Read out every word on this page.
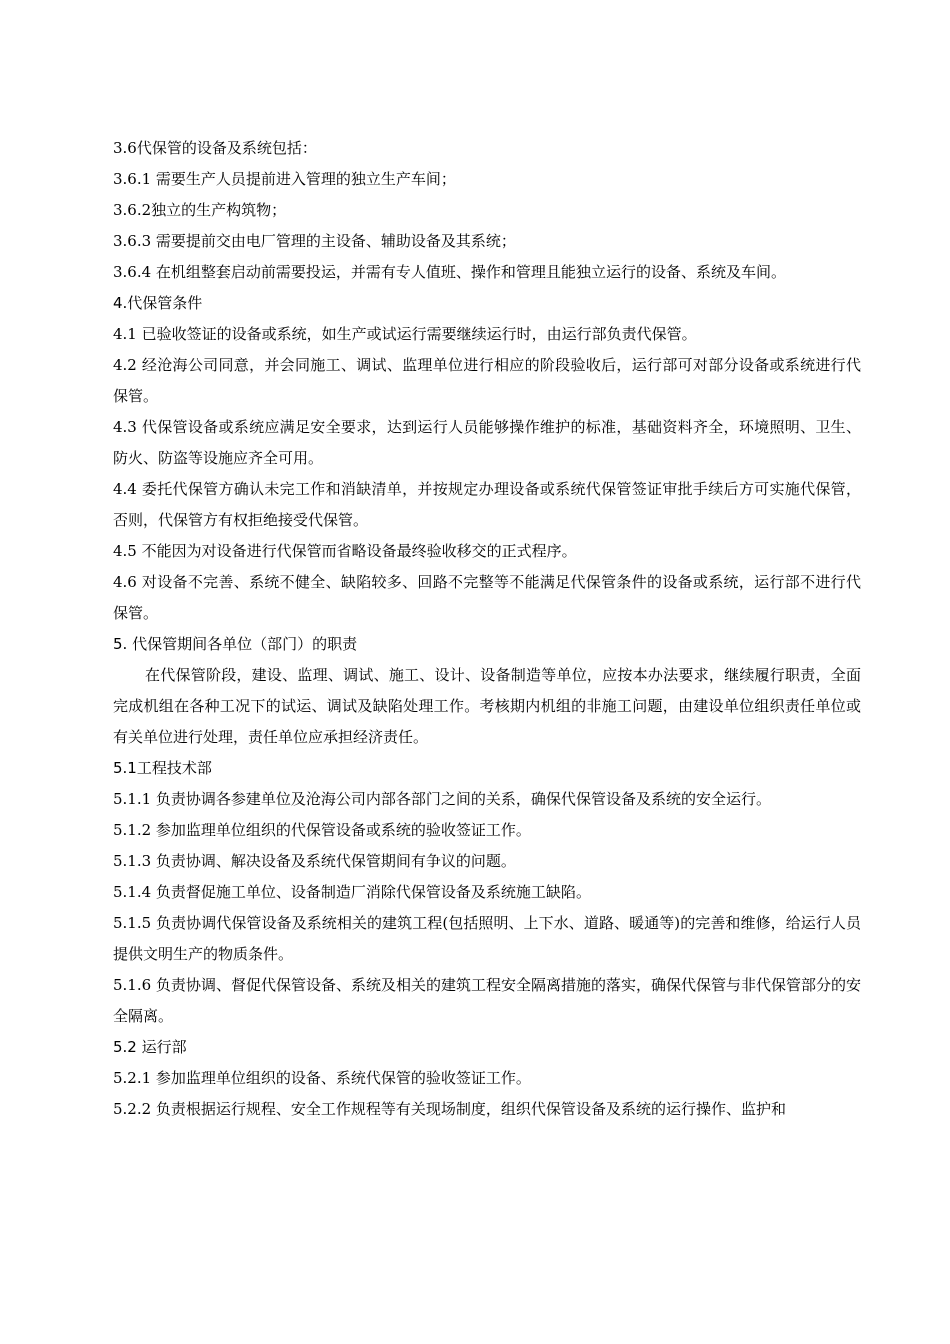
3.6代保管的设备及系统包括：

3.6.1 需要生产人员提前进入管理的独立生产车间；

3.6.2独立的生产构筑物；

3.6.3 需要提前交由电厂管理的主设备、辅助设备及其系统；

3.6.4 在机组整套启动前需要投运，并需有专人值班、操作和管理且能独立运行的设备、系统及车间。

4.代保管条件

4.1 已验收签证的设备或系统，如生产或试运行需要继续运行时，由运行部负责代保管。

4.2 经沧海公司同意，并会同施工、调试、监理单位进行相应的阶段验收后，运行部可对部分设备或系统进行代保管。

4.3 代保管设备或系统应满足安全要求，达到运行人员能够操作维护的标准，基础资料齐全，环境照明、卫生、防火、防盗等设施应齐全可用。

4.4 委托代保管方确认未完工作和消缺清单，并按规定办理设备或系统代保管签证审批手续后方可实施代保管，否则，代保管方有权拒绝接受代保管。

4.5 不能因为对设备进行代保管而省略设备最终验收移交的正式程序。

4.6 对设备不完善、系统不健全、缺陷较多、回路不完整等不能满足代保管条件的设备或系统，运行部不进行代保管。

5. 代保管期间各单位（部门）的职责

在代保管阶段，建设、监理、调试、施工、设计、设备制造等单位，应按本办法要求，继续履行职责，全面完成机组在各种工况下的试运、调试及缺陷处理工作。考核期内机组的非施工问题，由建设单位组织责任单位或有关单位进行处理，责任单位应承担经济责任。

5.1工程技术部

5.1.1 负责协调各参建单位及沧海公司内部各部门之间的关系，确保代保管设备及系统的安全运行。

5.1.2 参加监理单位组织的代保管设备或系统的验收签证工作。

5.1.3 负责协调、解决设备及系统代保管期间有争议的问题。

5.1.4 负责督促施工单位、设备制造厂消除代保管设备及系统施工缺陷。

5.1.5 负责协调代保管设备及系统相关的建筑工程(包括照明、上下水、道路、暖通等)的完善和维修，给运行人员提供文明生产的物质条件。

5.1.6 负责协调、督促代保管设备、系统及相关的建筑工程安全隔离措施的落实，确保代保管与非代保管部分的安全隔离。

5.2 运行部

5.2.1 参加监理单位组织的设备、系统代保管的验收签证工作。

5.2.2 负责根据运行规程、安全工作规程等有关现场制度，组织代保管设备及系统的运行操作、监护和
